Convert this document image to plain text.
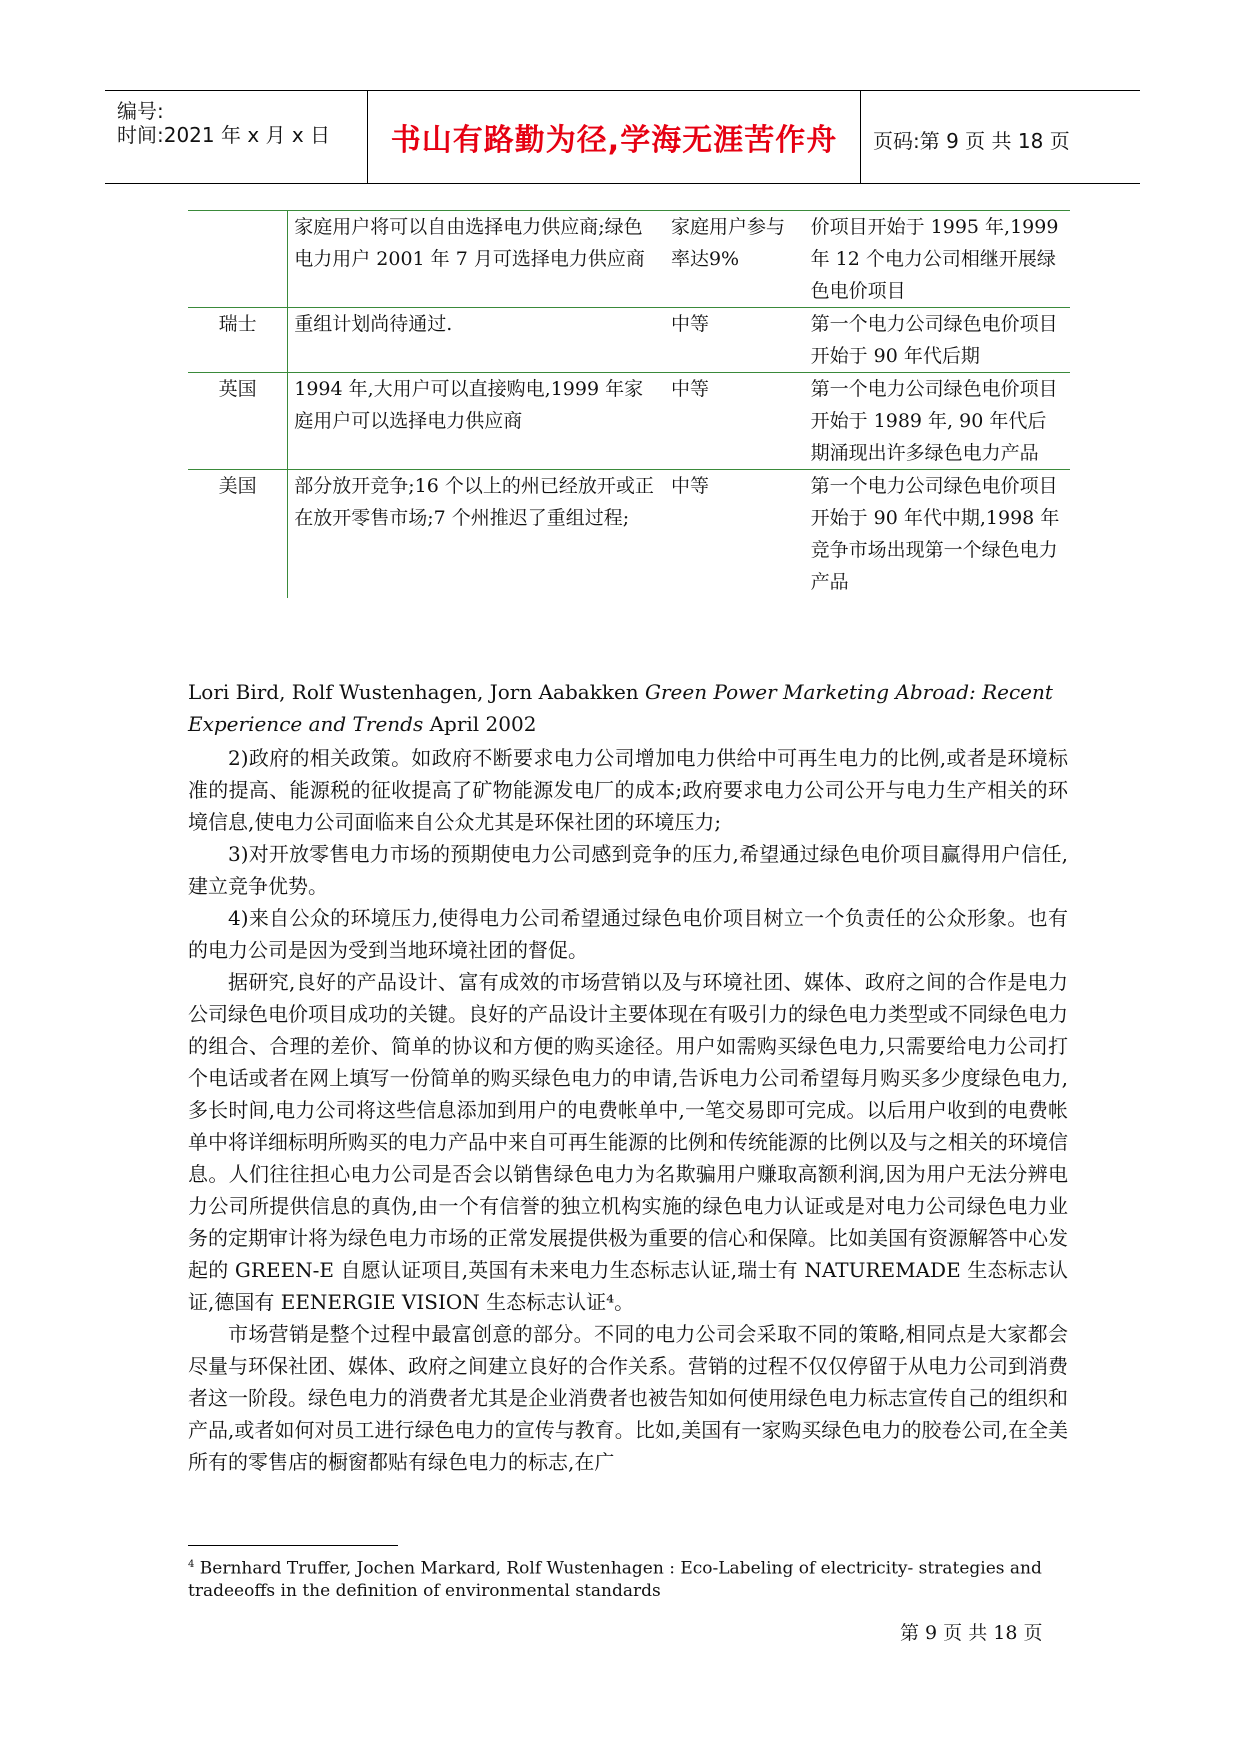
编号:
时间:2021 年 x 月 x 日	书山有路勤为径,学海无涯苦作舟	页码:第 9 页 共 18 页
	家庭用户将可以自由选择电力供应商;绿色电力用户 2001 年 7 月可选择电力供应商	家庭用户参与率达9%	价项目开始于 1995 年,1999 年 12 个电力公司相继开展绿色电价项目
瑞士	重组计划尚待通过.	中等	第一个电力公司绿色电价项目开始于 90 年代后期
英国	1994 年,大用户可以直接购电,1999 年家庭用户可以选择电力供应商	中等	第一个电力公司绿色电价项目开始于 1989 年, 90 年代后期涌现出许多绿色电力产品
美国	部分放开竞争;16 个以上的州已经放开或正在放开零售市场;7 个州推迟了重组过程;	中等	第一个电力公司绿色电价项目开始于 90 年代中期,1998 年竞争市场出现第一个绿色电力产品
Lori Bird, Rolf Wustenhagen, Jorn Aabakken Green Power Marketing Abroad: Recent Experience and Trends April 2002

2)政府的相关政策。如政府不断要求电力公司增加电力供给中可再生电力的比例,或者是环境标准的提高、能源税的征收提高了矿物能源发电厂的成本;政府要求电力公司公开与电力生产相关的环境信息,使电力公司面临来自公众尤其是环保社团的环境压力;

3)对开放零售电力市场的预期使电力公司感到竞争的压力,希望通过绿色电价项目赢得用户信任,建立竞争优势。

4)来自公众的环境压力,使得电力公司希望通过绿色电价项目树立一个负责任的公众形象。也有的电力公司是因为受到当地环境社团的督促。

据研究,良好的产品设计、富有成效的市场营销以及与环境社团、媒体、政府之间的合作是电力公司绿色电价项目成功的关键。良好的产品设计主要体现在有吸引力的绿色电力类型或不同绿色电力的组合、合理的差价、简单的协议和方便的购买途径。用户如需购买绿色电力,只需要给电力公司打个电话或者在网上填写一份简单的购买绿色电力的申请,告诉电力公司希望每月购买多少度绿色电力,多长时间,电力公司将这些信息添加到用户的电费帐单中,一笔交易即可完成。以后用户收到的电费帐单中将详细标明所购买的电力产品中来自可再生能源的比例和传统能源的比例以及与之相关的环境信息。人们往往担心电力公司是否会以销售绿色电力为名欺骗用户赚取高额利润,因为用户无法分辨电力公司所提供信息的真伪,由一个有信誉的独立机构实施的绿色电力认证或是对电力公司绿色电力业务的定期审计将为绿色电力市场的正常发展提供极为重要的信心和保障。比如美国有资源解答中心发起的 GREEN-E 自愿认证项目,英国有未来电力生态标志认证,瑞士有 NATUREMADE 生态标志认证,德国有 EENERGIE VISION 生态标志认证⁴。

市场营销是整个过程中最富创意的部分。不同的电力公司会采取不同的策略,相同点是大家都会尽量与环保社团、媒体、政府之间建立良好的合作关系。营销的过程不仅仅停留于从电力公司到消费者这一阶段。绿色电力的消费者尤其是企业消费者也被告知如何使用绿色电力标志宣传自己的组织和产品,或者如何对员工进行绿色电力的宣传与教育。比如,美国有一家购买绿色电力的胶卷公司,在全美所有的零售店的橱窗都贴有绿色电力的标志,在广

$^4$ Bernhard Truffer, Jochen Markard, Rolf Wustenhagen : Eco-Labeling of electricity- strategies and tradeeoffs in the definition of environmental standards
第 9 页 共 18 页
